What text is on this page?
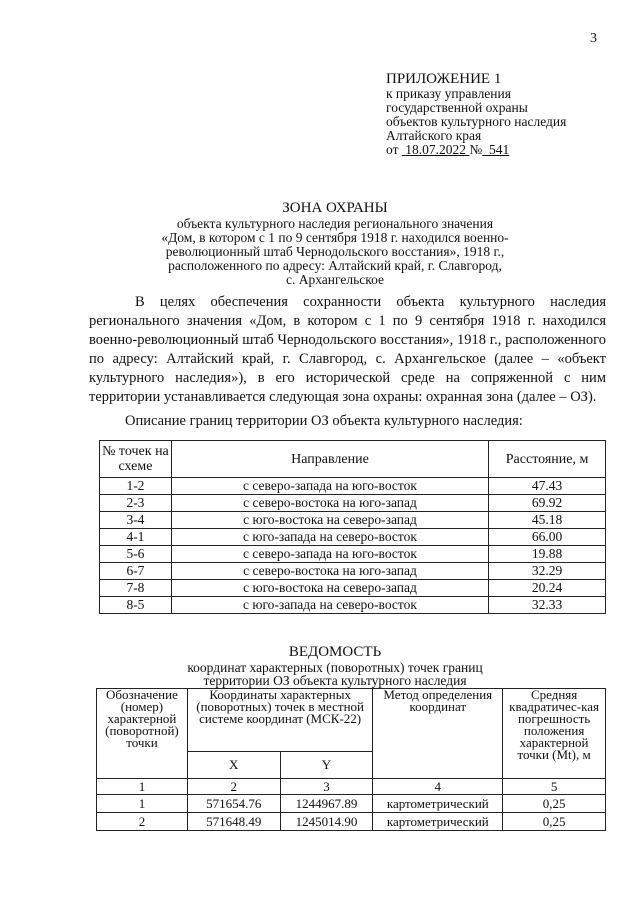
3
ПРИЛОЖЕНИЕ 1
к приказу управления
государственной охраны
объектов культурного наследия
Алтайского края
от 18.07.2022 № 541
ЗОНА ОХРАНЫ
объекта культурного наследия регионального значения
«Дом, в котором с 1 по 9 сентября 1918 г. находился военно-
революционный штаб Чернодольского восстания», 1918 г.,
расположенного по адресу: Алтайский край, г. Славгород,
с. Архангельское

В целях обеспечения сохранности объекта культурного наследия регионального значения «Дом, в котором с 1 по 9 сентября 1918 г. находился военно-революционный штаб Чернодольского восстания», 1918 г., расположенного по адресу: Алтайский край, г. Славгород, с. Архангельское (далее – «объект культурного наследия»), в его исторической среде на сопряженной с ним территории устанавливается следующая зона охраны: охранная зона (далее – ОЗ).

Описание границ территории ОЗ объекта культурного наследия:
№ точек на схеме	Направление	Расстояние, м
1-2	с северо-запада на юго-восток	47.43
2-3	с северо-востока на юго-запад	69.92
3-4	с юго-востока на северо-запад	45.18
4-1	с юго-запада на северо-восток	66.00
5-6	с северо-запада на юго-восток	19.88
6-7	с северо-востока на юго-запад	32.29
7-8	с юго-востока на северо-запад	20.24
8-5	с юго-запада на северо-восток	32.33
ВЕДОМОСТЬ
координат характерных (поворотных) точек границ
территории ОЗ объекта культурного наследия
Обозначение (номер) характерной (поворотной) точки	Координаты характерных (поворотных) точек в местной системе координат (МСК-22)		Метод определения координат	Средняя квадратичес-кая погрешность положения характерной точки (Mt), м
	X	Y		
1	2	3	4	5
1	571654.76	1244967.89	картометрический	0,25
2	571648.49	1245014.90	картометрический	0,25
